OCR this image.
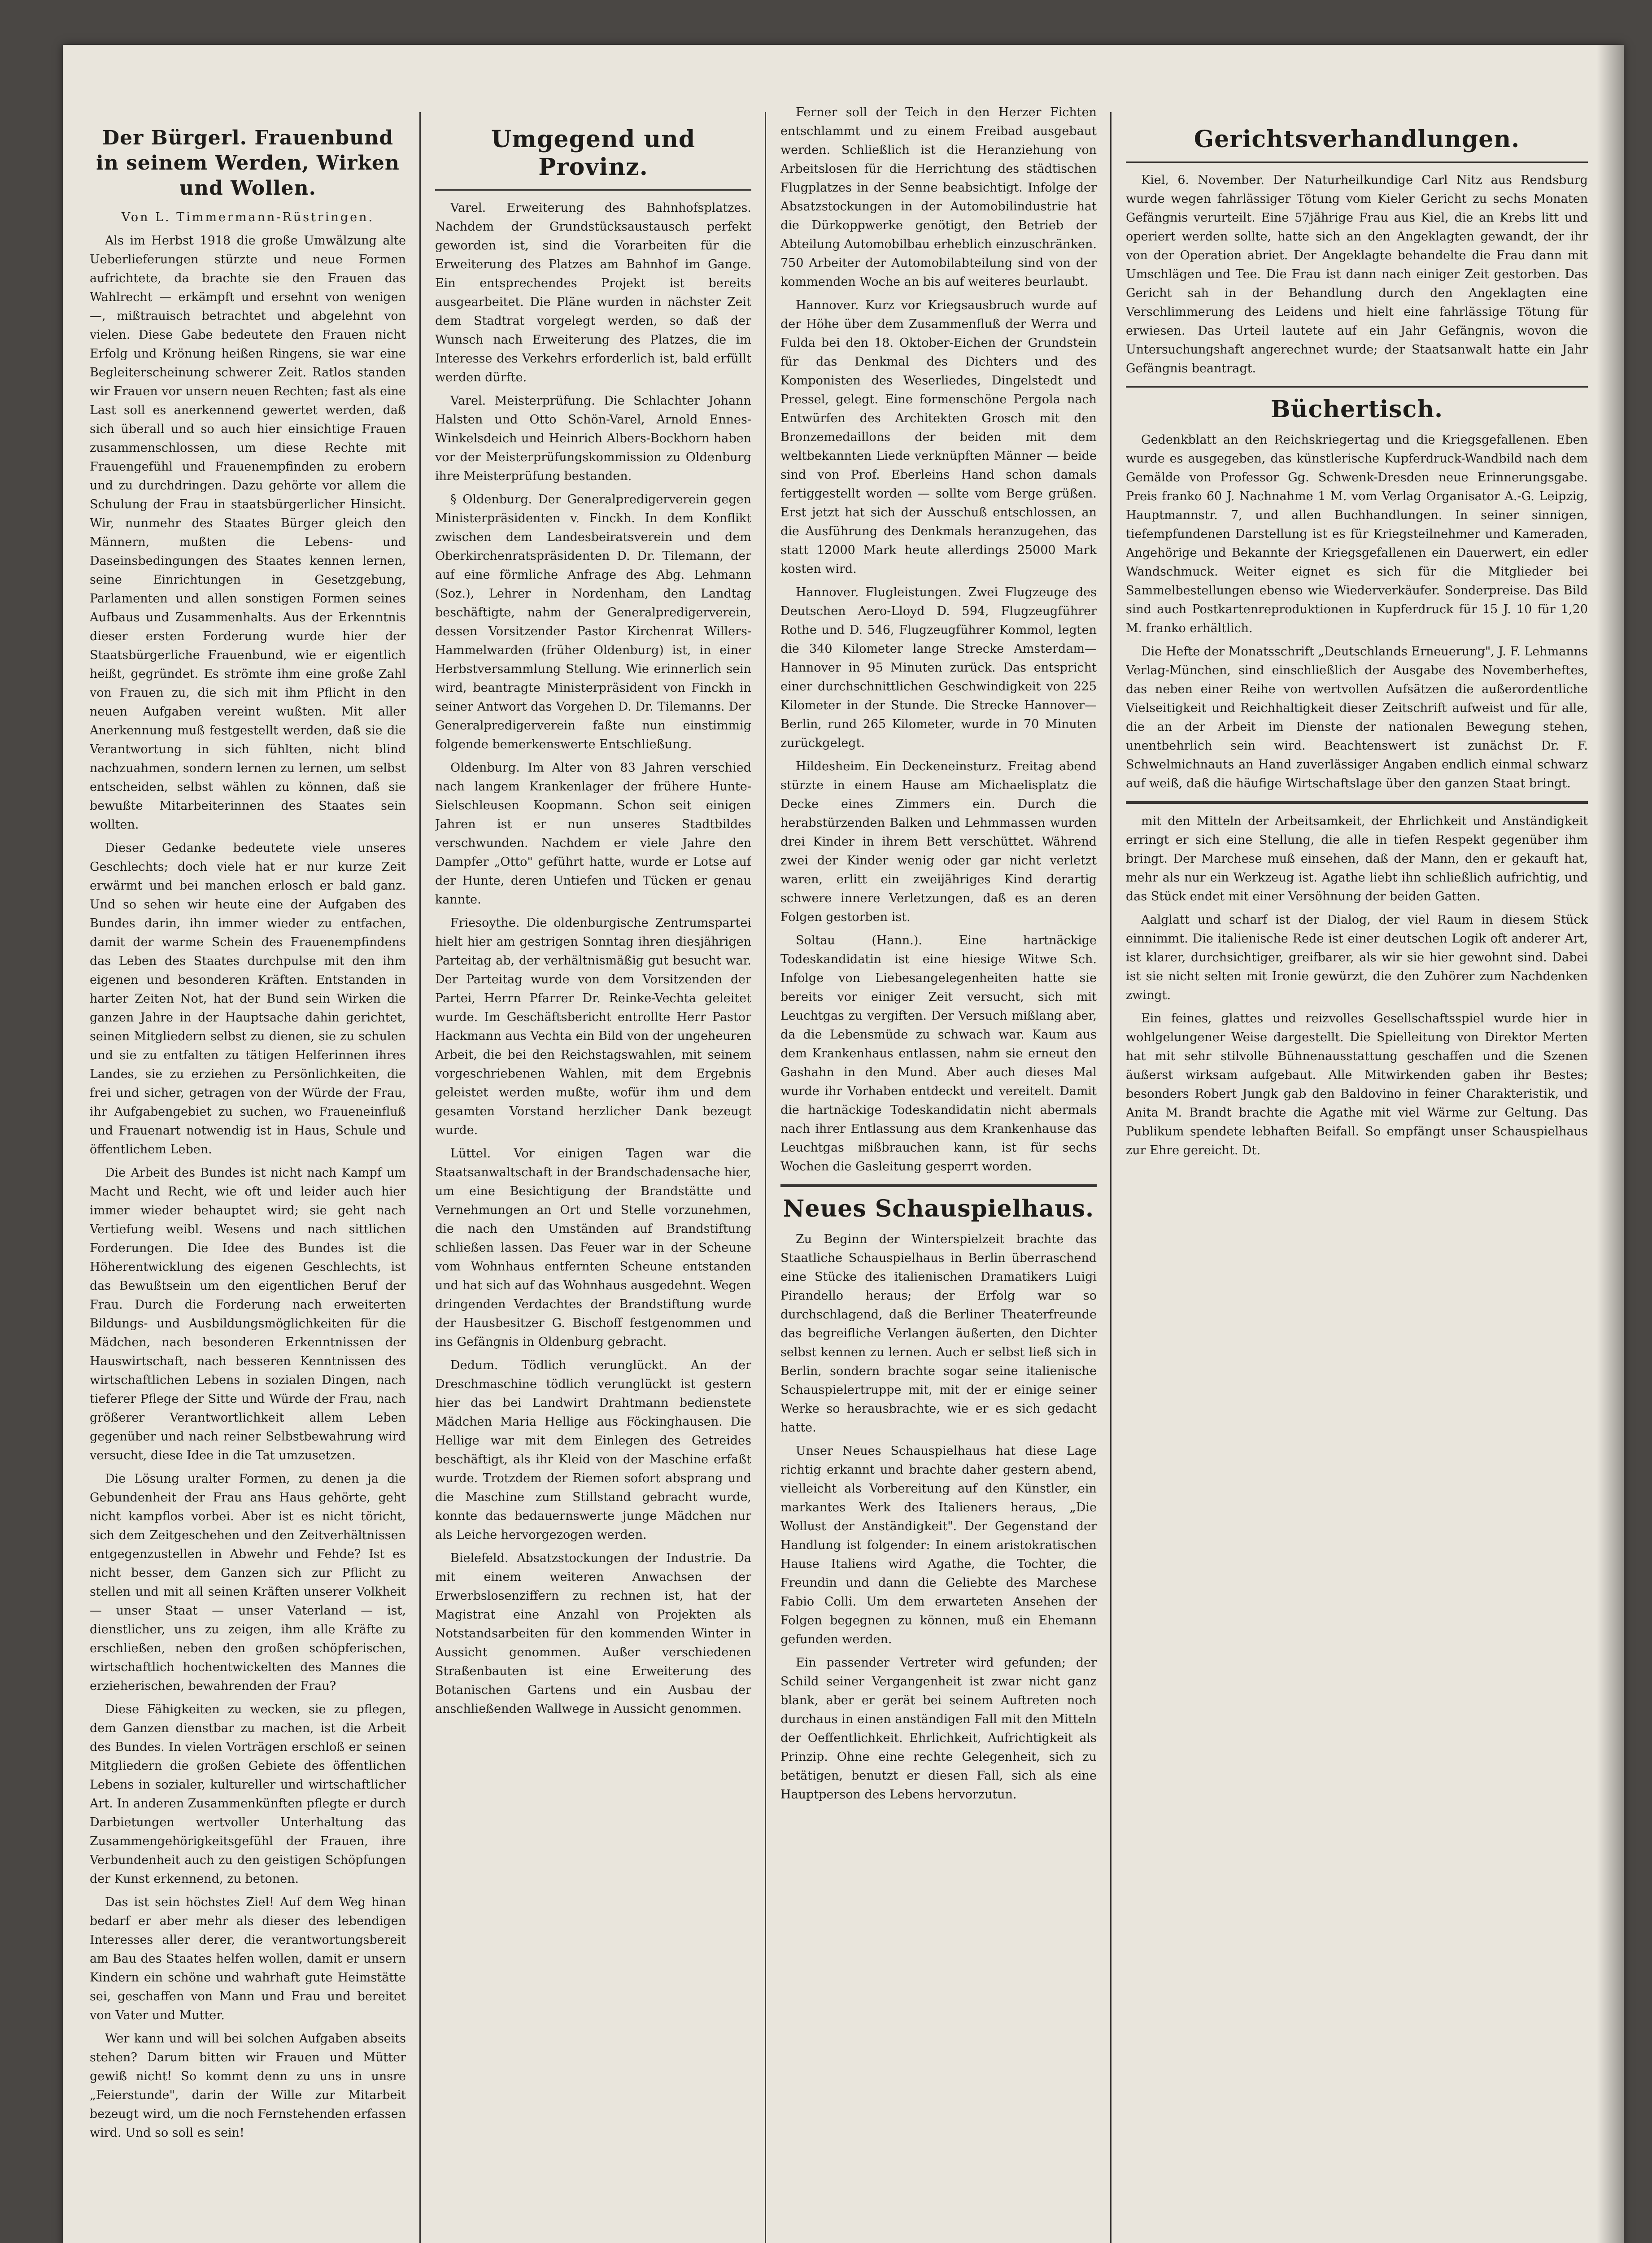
Der Bürgerl. Frauenbund in seinem Werden, Wirken und Wollen.
Von L. Timmermann-Rüstringen.

Als im Herbst 1918 die große Umwälzung alte Ueberlieferungen stürzte und neue Formen aufrichtete, da brachte sie den Frauen das Wahlrecht — erkämpft und ersehnt von wenigen —, mißtrauisch betrachtet und abgelehnt von vielen. Diese Gabe bedeutete den Frauen nicht Erfolg und Krönung heißen Ringens, sie war eine Begleiterscheinung schwerer Zeit. Ratlos standen wir Frauen vor unsern neuen Rechten; fast als eine Last soll es anerkennend gewertet werden, daß sich überall und so auch hier einsichtige Frauen zusammenschlossen, um diese Rechte mit Frauengefühl und Frauenempfinden zu erobern und zu durchdringen. Dazu gehörte vor allem die Schulung der Frau in staatsbürgerlicher Hinsicht. Wir, nunmehr des Staates Bürger gleich den Männern, mußten die Lebens- und Daseinsbedingungen des Staates kennen lernen, seine Einrichtungen in Gesetzgebung, Parlamenten und allen sonstigen Formen seines Aufbaus und Zusammenhalts. Aus der Erkenntnis dieser ersten Forderung wurde hier der Staatsbürgerliche Frauenbund, wie er eigentlich heißt, gegründet. Es strömte ihm eine große Zahl von Frauen zu, die sich mit ihm Pflicht in den neuen Aufgaben vereint wußten. Mit aller Anerkennung muß festgestellt werden, daß sie die Verantwortung in sich fühlten, nicht blind nachzuahmen, sondern lernen zu lernen, um selbst entscheiden, selbst wählen zu können, daß sie bewußte Mitarbeiterinnen des Staates sein wollten.

Dieser Gedanke bedeutete viele unseres Geschlechts; doch viele hat er nur kurze Zeit erwärmt und bei manchen erlosch er bald ganz. Und so sehen wir heute eine der Aufgaben des Bundes darin, ihn immer wieder zu entfachen, damit der warme Schein des Frauenempfindens das Leben des Staates durchpulse mit den ihm eigenen und besonderen Kräften. Entstanden in harter Zeiten Not, hat der Bund sein Wirken die ganzen Jahre in der Hauptsache dahin gerichtet, seinen Mitgliedern selbst zu dienen, sie zu schulen und sie zu entfalten zu tätigen Helferinnen ihres Landes, sie zu erziehen zu Persönlichkeiten, die frei und sicher, getragen von der Würde der Frau, ihr Aufgabengebiet zu suchen, wo Fraueneinfluß und Frauenart notwendig ist in Haus, Schule und öffentlichem Leben.

Die Arbeit des Bundes ist nicht nach Kampf um Macht und Recht, wie oft und leider auch hier immer wieder behauptet wird; sie geht nach Vertiefung weibl. Wesens und nach sittlichen Forderungen. Die Idee des Bundes ist die Höherentwicklung des eigenen Geschlechts, ist das Bewußtsein um den eigentlichen Beruf der Frau. Durch die Forderung nach erweiterten Bildungs- und Ausbildungsmöglichkeiten für die Mädchen, nach besonderen Erkenntnissen der Hauswirtschaft, nach besseren Kenntnissen des wirtschaftlichen Lebens in sozialen Dingen, nach tieferer Pflege der Sitte und Würde der Frau, nach größerer Verantwortlichkeit allem Leben gegenüber und nach reiner Selbstbewahrung wird versucht, diese Idee in die Tat umzusetzen.

Die Lösung uralter Formen, zu denen ja die Gebundenheit der Frau ans Haus gehörte, geht nicht kampflos vorbei. Aber ist es nicht töricht, sich dem Zeitgeschehen und den Zeitverhältnissen entgegenzustellen in Abwehr und Fehde? Ist es nicht besser, dem Ganzen sich zur Pflicht zu stellen und mit all seinen Kräften unserer Volkheit — unser Staat — unser Vaterland — ist, dienstlicher, uns zu zeigen, ihm alle Kräfte zu erschließen, neben den großen schöpferischen, wirtschaftlich hochentwickelten des Mannes die erzieherischen, bewahrenden der Frau?

Diese Fähigkeiten zu wecken, sie zu pflegen, dem Ganzen dienstbar zu machen, ist die Arbeit des Bundes. In vielen Vorträgen erschloß er seinen Mitgliedern die großen Gebiete des öffentlichen Lebens in sozialer, kultureller und wirtschaftlicher Art. In anderen Zusammenkünften pflegte er durch Darbietungen wertvoller Unterhaltung das Zusammengehörigkeitsgefühl der Frauen, ihre Verbundenheit auch zu den geistigen Schöpfungen der Kunst erkennend, zu betonen.

Das ist sein höchstes Ziel! Auf dem Weg hinan bedarf er aber mehr als dieser des lebendigen Interesses aller derer, die verantwortungsbereit am Bau des Staates helfen wollen, damit er unsern Kindern ein schöne und wahrhaft gute Heimstätte sei, geschaffen von Mann und Frau und bereitet von Vater und Mutter.

Wer kann und will bei solchen Aufgaben abseits stehen? Darum bitten wir Frauen und Mütter gewiß nicht! So kommt denn zu uns in unsre „Feierstunde", darin der Wille zur Mitarbeit bezeugt wird, um die noch Fernstehenden erfassen wird. Und so soll es sein!

Umgegend und Provinz.

Varel. Erweiterung des Bahnhofsplatzes. Nachdem der Grundstücksaustausch perfekt geworden ist, sind die Vorarbeiten für die Erweiterung des Platzes am Bahnhof im Gange. Ein entsprechendes Projekt ist bereits ausgearbeitet. Die Pläne wurden in nächster Zeit dem Stadtrat vorgelegt werden, so daß der Wunsch nach Erweiterung des Platzes, die im Interesse des Verkehrs erforderlich ist, bald erfüllt werden dürfte.

Varel. Meisterprüfung. Die Schlachter Johann Halsten und Otto Schön-Varel, Arnold Ennes-Winkelsdeich und Heinrich Albers-Bockhorn haben vor der Meisterprüfungskommission zu Oldenburg ihre Meisterprüfung bestanden.

§ Oldenburg. Der Generalpredigerverein gegen Ministerpräsidenten v. Finckh. In dem Konflikt zwischen dem Landesbeiratsverein und dem Oberkirchenratspräsidenten D. Dr. Tilemann, der auf eine förmliche Anfrage des Abg. Lehmann (Soz.), Lehrer in Nordenham, den Landtag beschäftigte, nahm der Generalpredigerverein, dessen Vorsitzender Pastor Kirchenrat Willers-Hammelwarden (früher Oldenburg) ist, in einer Herbstversammlung Stellung. Wie erinnerlich sein wird, beantragte Ministerpräsident von Finckh in seiner Antwort das Vorgehen D. Dr. Tilemanns. Der Generalpredigerverein faßte nun einstimmig folgende bemerkenswerte Entschließung.

Oldenburg. Im Alter von 83 Jahren verschied nach langem Krankenlager der frühere Hunte-Sielschleusen Koopmann. Schon seit einigen Jahren ist er nun unseres Stadtbildes verschwunden. Nachdem er viele Jahre den Dampfer „Otto" geführt hatte, wurde er Lotse auf der Hunte, deren Untiefen und Tücken er genau kannte.

Friesoythe. Die oldenburgische Zentrumspartei hielt hier am gestrigen Sonntag ihren diesjährigen Parteitag ab, der verhältnismäßig gut besucht war. Der Parteitag wurde von dem Vorsitzenden der Partei, Herrn Pfarrer Dr. Reinke-Vechta geleitet wurde. Im Geschäftsbericht entrollte Herr Pastor Hackmann aus Vechta ein Bild von der ungeheuren Arbeit, die bei den Reichstagswahlen, mit seinem vorgeschriebenen Wahlen, mit dem Ergebnis geleistet werden mußte, wofür ihm und dem gesamten Vorstand herzlicher Dank bezeugt wurde.

Lüttel. Vor einigen Tagen war die Staatsanwaltschaft in der Brandschadensache hier, um eine Besichtigung der Brandstätte und Vernehmungen an Ort und Stelle vorzunehmen, die nach den Umständen auf Brandstiftung schließen lassen. Das Feuer war in der Scheune vom Wohnhaus entfernten Scheune entstanden und hat sich auf das Wohnhaus ausgedehnt. Wegen dringenden Verdachtes der Brandstiftung wurde der Hausbesitzer G. Bischoff festgenommen und ins Gefängnis in Oldenburg gebracht.

Dedum. Tödlich verunglückt. An der Dreschmaschine tödlich verunglückt ist gestern hier das bei Landwirt Drahtmann bedienstete Mädchen Maria Hellige aus Föckinghausen. Die Hellige war mit dem Einlegen des Getreides beschäftigt, als ihr Kleid von der Maschine erfaßt wurde. Trotzdem der Riemen sofort absprang und die Maschine zum Stillstand gebracht wurde, konnte das bedauernswerte junge Mädchen nur als Leiche hervorgezogen werden.

Bielefeld. Absatzstockungen der Industrie. Da mit einem weiteren Anwachsen der Erwerbslosenziffern zu rechnen ist, hat der Magistrat eine Anzahl von Projekten als Notstandsarbeiten für den kommenden Winter in Aussicht genommen. Außer verschiedenen Straßenbauten ist eine Erweiterung des Botanischen Gartens und ein Ausbau der anschließenden Wallwege in Aussicht genommen.

Ferner soll der Teich in den Herzer Fichten entschlammt und zu einem Freibad ausgebaut werden. Schließlich ist die Heranziehung von Arbeitslosen für die Herrichtung des städtischen Flugplatzes in der Senne beabsichtigt. Infolge der Absatzstockungen in der Automobilindustrie hat die Dürkoppwerke genötigt, den Betrieb der Abteilung Automobilbau erheblich einzuschränken. 750 Arbeiter der Automobilabteilung sind von der kommenden Woche an bis auf weiteres beurlaubt.

Hannover. Kurz vor Kriegsausbruch wurde auf der Höhe über dem Zusammenfluß der Werra und Fulda bei den 18. Oktober-Eichen der Grundstein für das Denkmal des Dichters und des Komponisten des Weserliedes, Dingelstedt und Pressel, gelegt. Eine formenschöne Pergola nach Entwürfen des Architekten Grosch mit den Bronzemedaillons der beiden mit dem weltbekannten Liede verknüpften Männer — beide sind von Prof. Eberleins Hand schon damals fertiggestellt worden — sollte vom Berge grüßen. Erst jetzt hat sich der Ausschuß entschlossen, an die Ausführung des Denkmals heranzugehen, das statt 12000 Mark heute allerdings 25000 Mark kosten wird.

Hannover. Flugleistungen. Zwei Flugzeuge des Deutschen Aero-Lloyd D. 594, Flugzeugführer Rothe und D. 546, Flugzeugführer Kommol, legten die 340 Kilometer lange Strecke Amsterdam—Hannover in 95 Minuten zurück. Das entspricht einer durchschnittlichen Geschwindigkeit von 225 Kilometer in der Stunde. Die Strecke Hannover—Berlin, rund 265 Kilometer, wurde in 70 Minuten zurückgelegt.

Hildesheim. Ein Deckeneinsturz. Freitag abend stürzte in einem Hause am Michaelisplatz die Decke eines Zimmers ein. Durch die herabstürzenden Balken und Lehmmassen wurden drei Kinder in ihrem Bett verschüttet. Während zwei der Kinder wenig oder gar nicht verletzt waren, erlitt ein zweijähriges Kind derartig schwere innere Verletzungen, daß es an deren Folgen gestorben ist.

Soltau (Hann.). Eine hartnäckige Todeskandidatin ist eine hiesige Witwe Sch. Infolge von Liebesangelegenheiten hatte sie bereits vor einiger Zeit versucht, sich mit Leuchtgas zu vergiften. Der Versuch mißlang aber, da die Lebensmüde zu schwach war. Kaum aus dem Krankenhaus entlassen, nahm sie erneut den Gashahn in den Mund. Aber auch dieses Mal wurde ihr Vorhaben entdeckt und vereitelt. Damit die hartnäckige Todeskandidatin nicht abermals nach ihrer Entlassung aus dem Krankenhause das Leuchtgas mißbrauchen kann, ist für sechs Wochen die Gasleitung gesperrt worden.

Neues Schauspielhaus.

Zu Beginn der Winterspielzeit brachte das Staatliche Schauspielhaus in Berlin überraschend eine Stücke des italienischen Dramatikers Luigi Pirandello heraus; der Erfolg war so durchschlagend, daß die Berliner Theaterfreunde das begreifliche Verlangen äußerten, den Dichter selbst kennen zu lernen. Auch er selbst ließ sich in Berlin, sondern brachte sogar seine italienische Schauspielertruppe mit, mit der er einige seiner Werke so herausbrachte, wie er es sich gedacht hatte.

Unser Neues Schauspielhaus hat diese Lage richtig erkannt und brachte daher gestern abend, vielleicht als Vorbereitung auf den Künstler, ein markantes Werk des Italieners heraus, „Die Wollust der Anständigkeit". Der Gegenstand der Handlung ist folgender: In einem aristokratischen Hause Italiens wird Agathe, die Tochter, die Freundin und dann die Geliebte des Marchese Fabio Colli. Um dem erwarteten Ansehen der Folgen begegnen zu können, muß ein Ehemann gefunden werden.

Ein passender Vertreter wird gefunden; der Schild seiner Vergangenheit ist zwar nicht ganz blank, aber er gerät bei seinem Auftreten noch durchaus in einen anständigen Fall mit den Mitteln der Oeffentlichkeit. Ehrlichkeit, Aufrichtigkeit als Prinzip. Ohne eine rechte Gelegenheit, sich zu betätigen, benutzt er diesen Fall, sich als eine Hauptperson des Lebens hervorzutun.

Gerichtsverhandlungen.

Kiel, 6. November. Der Naturheilkundige Carl Nitz aus Rendsburg wurde wegen fahrlässiger Tötung vom Kieler Gericht zu sechs Monaten Gefängnis verurteilt. Eine 57jährige Frau aus Kiel, die an Krebs litt und operiert werden sollte, hatte sich an den Angeklagten gewandt, der ihr von der Operation abriet. Der Angeklagte behandelte die Frau dann mit Umschlägen und Tee. Die Frau ist dann nach einiger Zeit gestorben. Das Gericht sah in der Behandlung durch den Angeklagten eine Verschlimmerung des Leidens und hielt eine fahrlässige Tötung für erwiesen. Das Urteil lautete auf ein Jahr Gefängnis, wovon die Untersuchungshaft angerechnet wurde; der Staatsanwalt hatte ein Jahr Gefängnis beantragt.

Büchertisch.

Gedenkblatt an den Reichskriegertag und die Kriegsgefallenen. Eben wurde es ausgegeben, das künstlerische Kupferdruck-Wandbild nach dem Gemälde von Professor Gg. Schwenk-Dresden neue Erinnerungsgabe. Preis franko 60 J. Nachnahme 1 M. vom Verlag Organisator A.-G. Leipzig, Hauptmannstr. 7, und allen Buchhandlungen. In seiner sinnigen, tiefempfundenen Darstellung ist es für Kriegsteilnehmer und Kameraden, Angehörige und Bekannte der Kriegsgefallenen ein Dauerwert, ein edler Wandschmuck. Weiter eignet es sich für die Mitglieder bei Sammelbestellungen ebenso wie Wiederverkäufer. Sonderpreise. Das Bild sind auch Postkartenreproduktionen in Kupferdruck für 15 J. 10 für 1,20 M. franko erhältlich.

Die Hefte der Monatsschrift „Deutschlands Erneuerung", J. F. Lehmanns Verlag-München, sind einschließlich der Ausgabe des Novemberheftes, das neben einer Reihe von wertvollen Aufsätzen die außerordentliche Vielseitigkeit und Reichhaltigkeit dieser Zeitschrift aufweist und für alle, die an der Arbeit im Dienste der nationalen Bewegung stehen, unentbehrlich sein wird. Beachtenswert ist zunächst Dr. F. Schwelmichnauts an Hand zuverlässiger Angaben endlich einmal schwarz auf weiß, daß die häufige Wirtschaftslage über den ganzen Staat bringt.

mit den Mitteln der Arbeitsamkeit, der Ehrlichkeit und Anständigkeit erringt er sich eine Stellung, die alle in tiefen Respekt gegenüber ihm bringt. Der Marchese muß einsehen, daß der Mann, den er gekauft hat, mehr als nur ein Werkzeug ist. Agathe liebt ihn schließlich aufrichtig, und das Stück endet mit einer Versöhnung der beiden Gatten.

Aalglatt und scharf ist der Dialog, der viel Raum in diesem Stück einnimmt. Die italienische Rede ist einer deutschen Logik oft anderer Art, ist klarer, durchsichtiger, greifbarer, als wir sie hier gewohnt sind. Dabei ist sie nicht selten mit Ironie gewürzt, die den Zuhörer zum Nachdenken zwingt.

Ein feines, glattes und reizvolles Gesellschaftsspiel wurde hier in wohlgelungener Weise dargestellt. Die Spielleitung von Direktor Merten hat mit sehr stilvolle Bühnenausstattung geschaffen und die Szenen äußerst wirksam aufgebaut. Alle Mitwirkenden gaben ihr Bestes; besonders Robert Jungk gab den Baldovino in feiner Charakteristik, und Anita M. Brandt brachte die Agathe mit viel Wärme zur Geltung. Das Publikum spendete lebhaften Beifall. So empfängt unser Schauspielhaus zur Ehre gereicht. Dt.
